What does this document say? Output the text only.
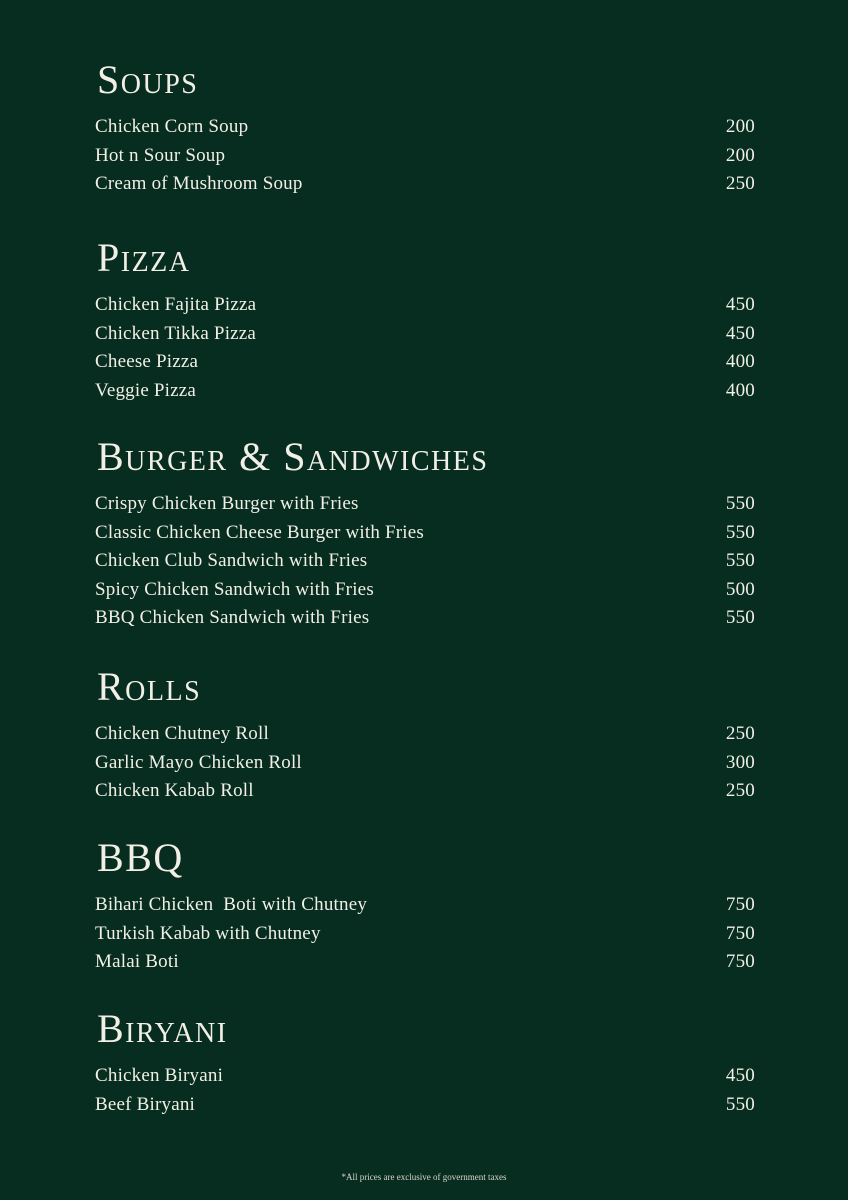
Soups
Chicken Corn Soup	200
Hot n Sour Soup	200
Cream of Mushroom Soup	250
Pizza
Chicken Fajita Pizza	450
Chicken Tikka Pizza	450
Cheese Pizza	400
Veggie Pizza	400
Burger & Sandwiches
Crispy Chicken Burger with Fries	550
Classic Chicken Cheese Burger with Fries	550
Chicken Club Sandwich with Fries	550
Spicy Chicken Sandwich with Fries	500
BBQ Chicken Sandwich with Fries	550
Rolls
Chicken Chutney Roll	250
Garlic Mayo Chicken Roll	300
Chicken Kabab Roll	250
BBQ
Bihari Chicken  Boti with Chutney	750
Turkish Kabab with Chutney	750
Malai Boti	750
Biryani
Chicken Biryani	450
Beef Biryani	550
*All prices are exclusive of government taxes
